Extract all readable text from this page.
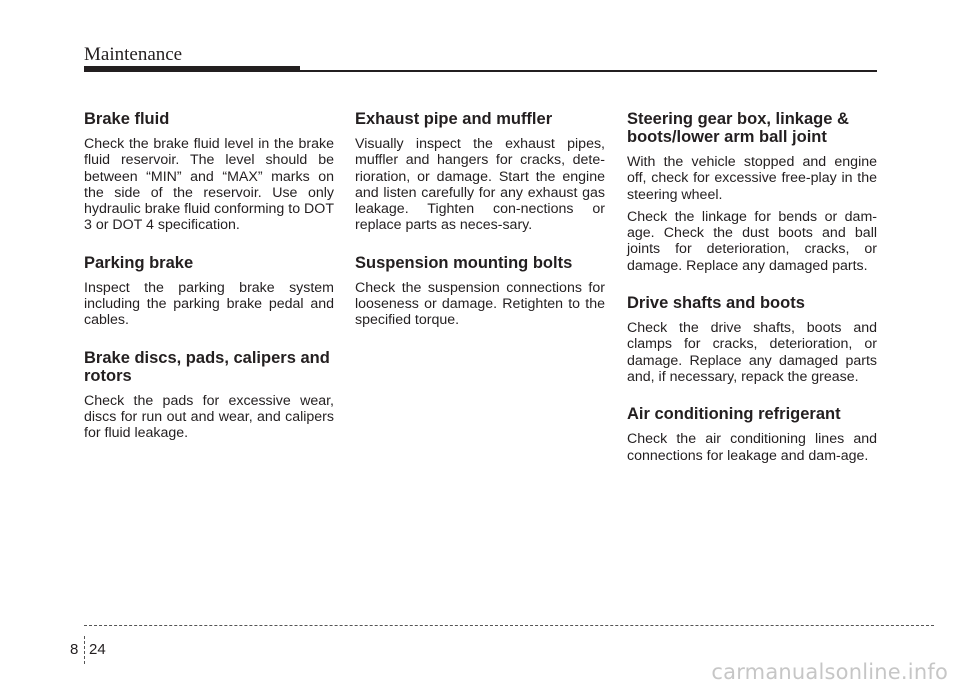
Maintenance
Brake fluid

Check the brake fluid level in the brake fluid reservoir. The level should be between “MIN” and “MAX” marks on the side of the reservoir. Use only hydraulic brake fluid conforming to DOT 3 or DOT 4 specification.

Parking brake

Inspect the parking brake system including the parking brake pedal and cables.

Brake discs, pads, calipers and rotors

Check the pads for excessive wear, discs for run out and wear, and calipers for fluid leakage.

Exhaust pipe and muffler

Visually inspect the exhaust pipes, muffler and hangers for cracks, dete-rioration, or damage. Start the engine and listen carefully for any exhaust gas leakage. Tighten con-nections or replace parts as neces-sary.

Suspension mounting bolts

Check the suspension connections for looseness or damage. Retighten to the specified torque.

Steering gear box, linkage & boots/lower arm ball joint

With the vehicle stopped and engine off, check for excessive free-play in the steering wheel.

Check the linkage for bends or dam-age. Check the dust boots and ball joints for deterioration, cracks, or damage. Replace any damaged parts.

Drive shafts and boots

Check the drive shafts, boots and clamps for cracks, deterioration, or damage. Replace any damaged parts and, if necessary, repack the grease.

Air conditioning refrigerant

Check the air conditioning lines and connections for leakage and dam-age.

8 24
carmanualsonline.info
